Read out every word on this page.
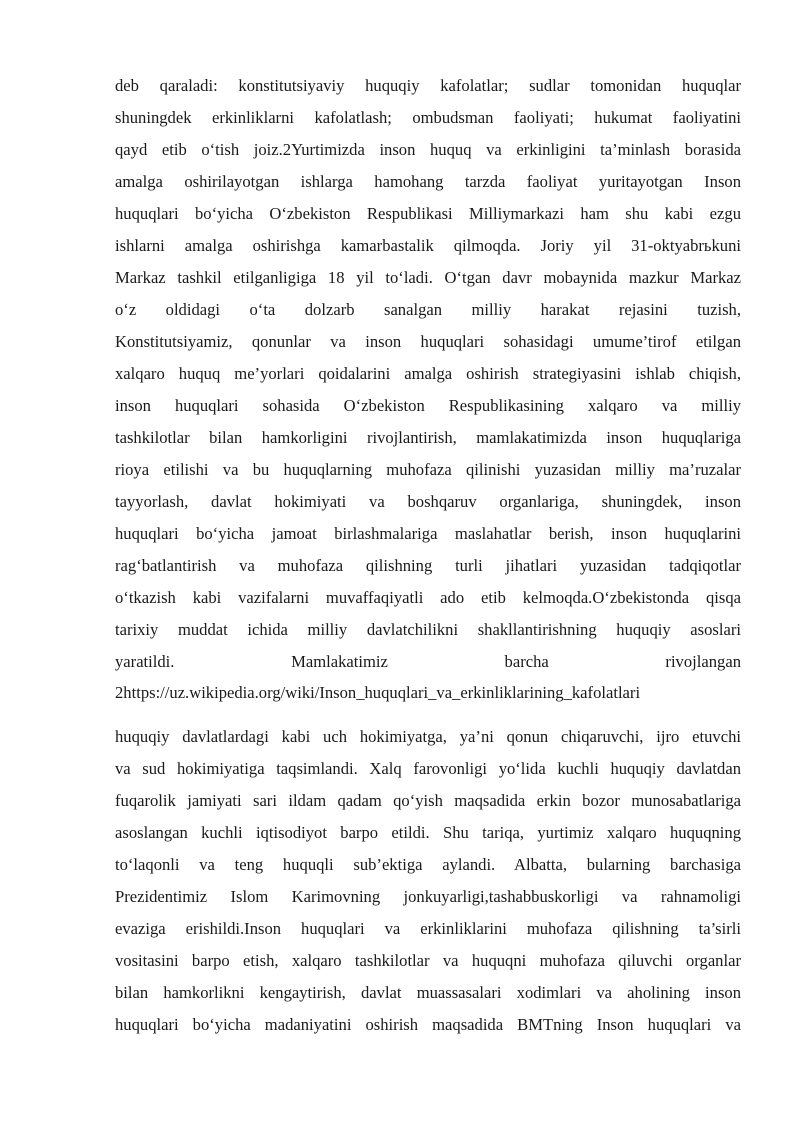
deb qaraladi: konstitutsiyaviy huquqiy kafolatlar; sudlar tomonidan huquqlar
shuningdek erkinliklarni kafolatlash; ombudsman faoliyati; hukumat faoliyatini
qayd etib o‘tish joiz.2Yurtimizda inson huquq va erkinligini ta’minlash borasida
amalga oshirilayotgan ishlarga hamohang tarzda faoliyat yuritayotgan Inson
huquqlari bo‘yicha O‘zbekiston Respublikasi Milliymarkazi ham shu kabi ezgu
ishlarni amalga oshirishga kamarbastalik qilmoqda. Joriy yil 31-oktyabrьkuni
Markaz tashkil etilganligiga 18 yil to‘ladi. O‘tgan davr mobaynida mazkur Markaz
o‘z oldidagi o‘ta dolzarb sanalgan milliy harakat rejasini tuzish,
Konstitutsiyamiz, qonunlar va inson huquqlari sohasidagi umume’tirof etilgan
xalqaro huquq me’yorlari qoidalarini amalga oshirish strategiyasini ishlab chiqish,
inson huquqlari sohasida O‘zbekiston Respublikasining xalqaro va milliy
tashkilotlar bilan hamkorligini rivojlantirish, mamlakatimizda inson huquqlariga
rioya etilishi va bu huquqlarning muhofaza qilinishi yuzasidan milliy ma’ruzalar
tayyorlash, davlat hokimiyati va boshqaruv organlariga, shuningdek, inson
huquqlari bo‘yicha jamoat birlashmalariga maslahatlar berish, inson huquqlarini
rag‘batlantirish va muhofaza qilishning turli jihatlari yuzasidan tadqiqotlar
o‘tkazish kabi vazifalarni muvaffaqiyatli ado etib kelmoqda.O‘zbekistonda qisqa
tarixiy muddat ichida milliy davlatchilikni shakllantirishning huquqiy asoslari
yaratildi. Mamlakatimiz barcha rivojlangan
2https://uz.wikipedia.org/wiki/Inson_huquqlari_va_erkinliklarining_kafolatlari
huquqiy davlatlardagi kabi uch hokimiyatga, ya’ni qonun chiqaruvchi, ijro etuvchi
va sud hokimiyatiga taqsimlandi. Xalq farovonligi yo‘lida kuchli huquqiy davlatdan
fuqarolik jamiyati sari ildam qadam qo‘yish maqsadida erkin bozor munosabatlariga
asoslangan kuchli iqtisodiyot barpo etildi. Shu tariqa, yurtimiz xalqaro huquqning
to‘laqonli va teng huquqli sub’ektiga aylandi. Albatta, bularning barchasiga
Prezidentimiz Islom Karimovning jonkuyarligi,tashabbuskorligi va rahnamoligi
evaziga erishildi.Inson huquqlari va erkinliklarini muhofaza qilishning ta’sirli
vositasini barpo etish, xalqaro tashkilotlar va huquqni muhofaza qiluvchi organlar
bilan hamkorlikni kengaytirish, davlat muassasalari xodimlari va aholining inson
huquqlari bo‘yicha madaniyatini oshirish maqsadida BMTning Inson huquqlari va
